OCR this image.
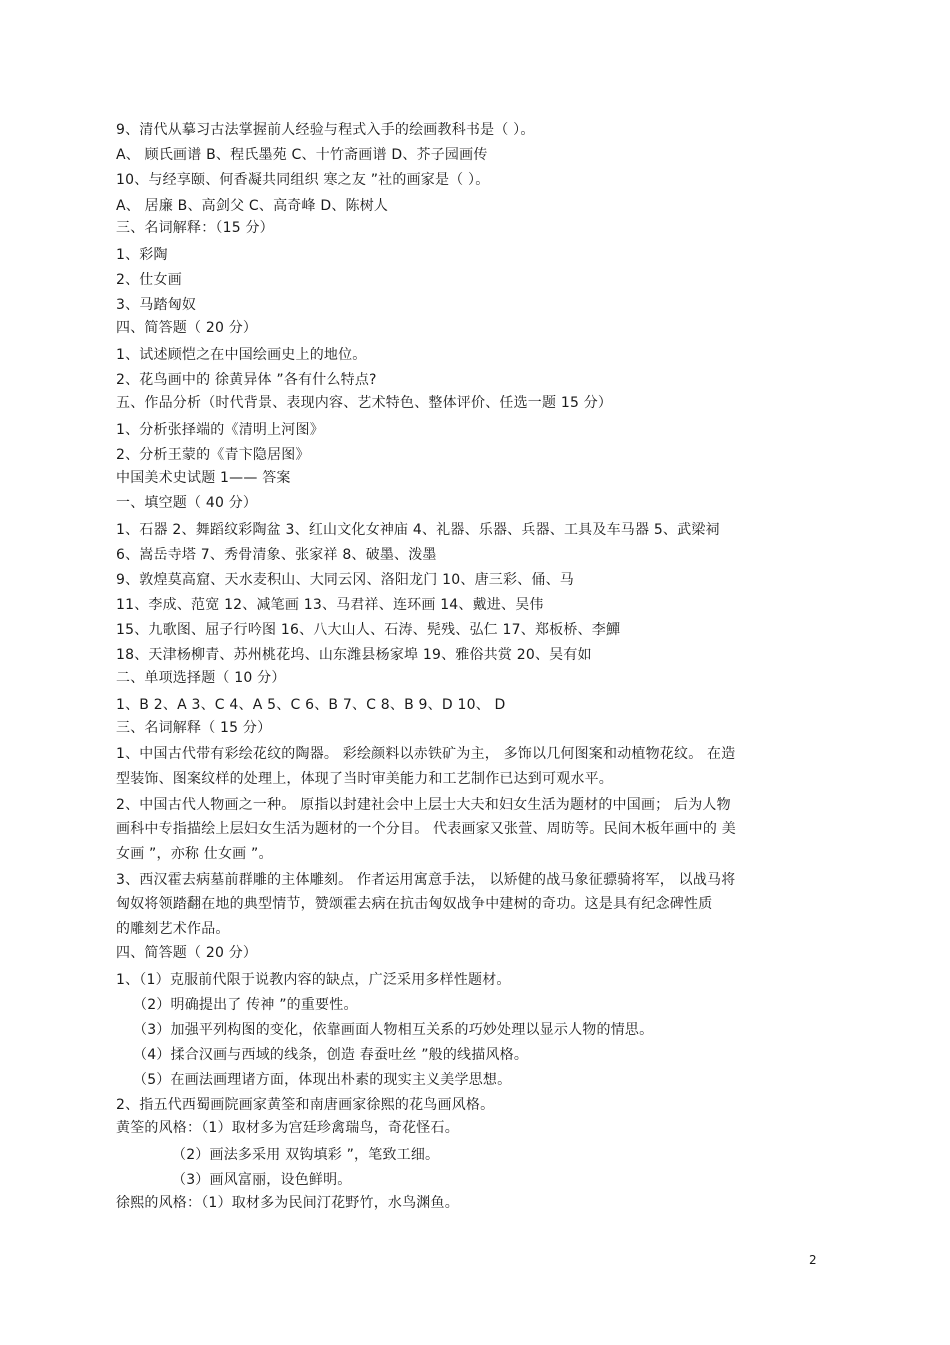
9、清代从摹习古法掌握前人经验与程式入手的绘画教科书是（ ）。
A、 顾氏画谱 B、程氏墨苑 C、十竹斋画谱 D、芥子园画传
10、与经享颐、何香凝共同组织 寒之友 ”社的画家是（ ）。
A、 居廉 B、高剑父 C、高奇峰 D、陈树人
三、名词解释：（15 分）
1、彩陶
2、仕女画
3、马踏匈奴
四、简答题（ 20 分）
1、试述顾恺之在中国绘画史上的地位。
2、花鸟画中的 徐黄异体 ”各有什么特点?
五、作品分析（时代背景、表现内容、艺术特色、整体评价、任选一题 15 分）
1、分析张择端的《清明上河图》
2、分析王蒙的《青卞隐居图》
中国美术史试题 1—— 答案
一、填空题（ 40 分）
1、石器 2、舞蹈纹彩陶盆 3、红山文化女神庙 4、礼器、乐器、兵器、工具及车马器 5、武梁祠
6、嵩岳寺塔 7、秀骨清象、张家祥 8、破墨、泼墨
9、敦煌莫高窟、天水麦积山、大同云冈、洛阳龙门 10、唐三彩、俑、马
11、李成、范宽 12、减笔画 13、马君祥、连环画 14、戴进、吴伟
15、九歌图、屈子行吟图 16、八大山人、石涛、髡残、弘仁 17、郑板桥、李鱓
18、天津杨柳青、苏州桃花坞、山东潍县杨家埠 19、雅俗共赏 20、吴有如
二、单项选择题（ 10 分）
1、B 2、A 3、C 4、A 5、C 6、B 7、C 8、B 9、D 10、 D
三、名词解释（ 15 分）
1、中国古代带有彩绘花纹的陶器。 彩绘颜料以赤铁矿为主， 多饰以几何图案和动植物花纹。 在造
型装饰、图案纹样的处理上，体现了当时审美能力和工艺制作已达到可观水平。
2、中国古代人物画之一种。 原指以封建社会中上层士大夫和妇女生活为题材的中国画； 后为人物
画科中专指描绘上层妇女生活为题材的一个分目。 代表画家又张萱、周昉等。民间木板年画中的 美
女画 ”，亦称 仕女画 ”。
3、西汉霍去病墓前群雕的主体雕刻。 作者运用寓意手法， 以矫健的战马象征骠骑将军， 以战马将
匈奴将领踏翻在地的典型情节，赞颂霍去病在抗击匈奴战争中建树的奇功。这是具有纪念碑性质
的雕刻艺术作品。
四、简答题（ 20 分）
1、（1）克服前代限于说教内容的缺点，广泛采用多样性题材。
（2）明确提出了 传神 ”的重要性。
（3）加强平列构图的变化，依靠画面人物相互关系的巧妙处理以显示人物的情思。
（4）揉合汉画与西域的线条，创造 春蚕吐丝 ”般的线描风格。
（5）在画法画理诸方面，体现出朴素的现实主义美学思想。
2、指五代西蜀画院画家黄筌和南唐画家徐熙的花鸟画风格。
黄筌的风格：（1）取材多为宫廷珍禽瑞鸟，奇花怪石。
（2）画法多采用 双钩填彩 ”，笔致工细。
（3）画风富丽，设色鲜明。
徐熙的风格：（1）取材多为民间汀花野竹，水鸟渊鱼。
2
